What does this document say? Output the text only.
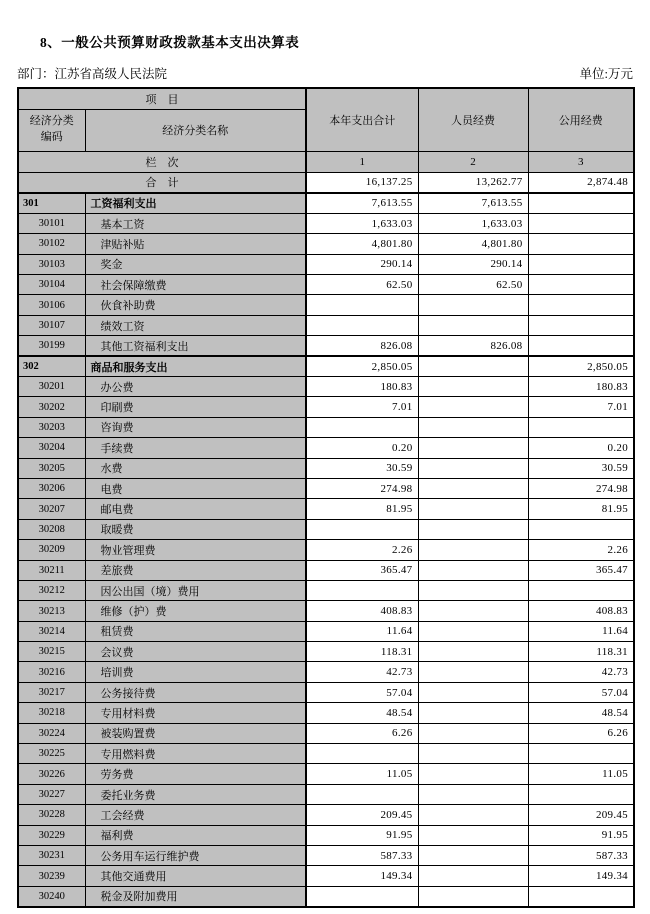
8、一般公共预算财政拨款基本支出决算表
部门：江苏省高级人民法院	单位:万元
项　目		本年支出合计	人员经费	公用经费

经济分类
编码	经济分类名称			
栏　次		1	2	3
合　计		16,137.25	13,262.77	2,874.48
301	工资福利支出	7,613.55	7,613.55	
30101	基本工资	1,633.03	1,633.03	
30102	津贴补贴	4,801.80	4,801.80	
30103	奖金	290.14	290.14	
30104	社会保障缴费	62.50	62.50	
30106	伙食补助费			
30107	绩效工资			
30199	其他工资福利支出	826.08	826.08	
302	商品和服务支出	2,850.05		2,850.05
30201	办公费	180.83		180.83
30202	印刷费	7.01		7.01
30203	咨询费			
30204	手续费	0.20		0.20
30205	水费	30.59		30.59
30206	电费	274.98		274.98
30207	邮电费	81.95		81.95
30208	取暖费			
30209	物业管理费	2.26		2.26
30211	差旅费	365.47		365.47
30212	因公出国（境）费用			
30213	维修（护）费	408.83		408.83
30214	租赁费	11.64		11.64
30215	会议费	118.31		118.31
30216	培训费	42.73		42.73
30217	公务接待费	57.04		57.04
30218	专用材料费	48.54		48.54
30224	被装购置费	6.26		6.26
30225	专用燃料费			
30226	劳务费	11.05		11.05
30227	委托业务费			
30228	工会经费	209.45		209.45
30229	福利费	91.95		91.95
30231	公务用车运行维护费	587.33		587.33
30239	其他交通费用	149.34		149.34
30240	税金及附加费用			
